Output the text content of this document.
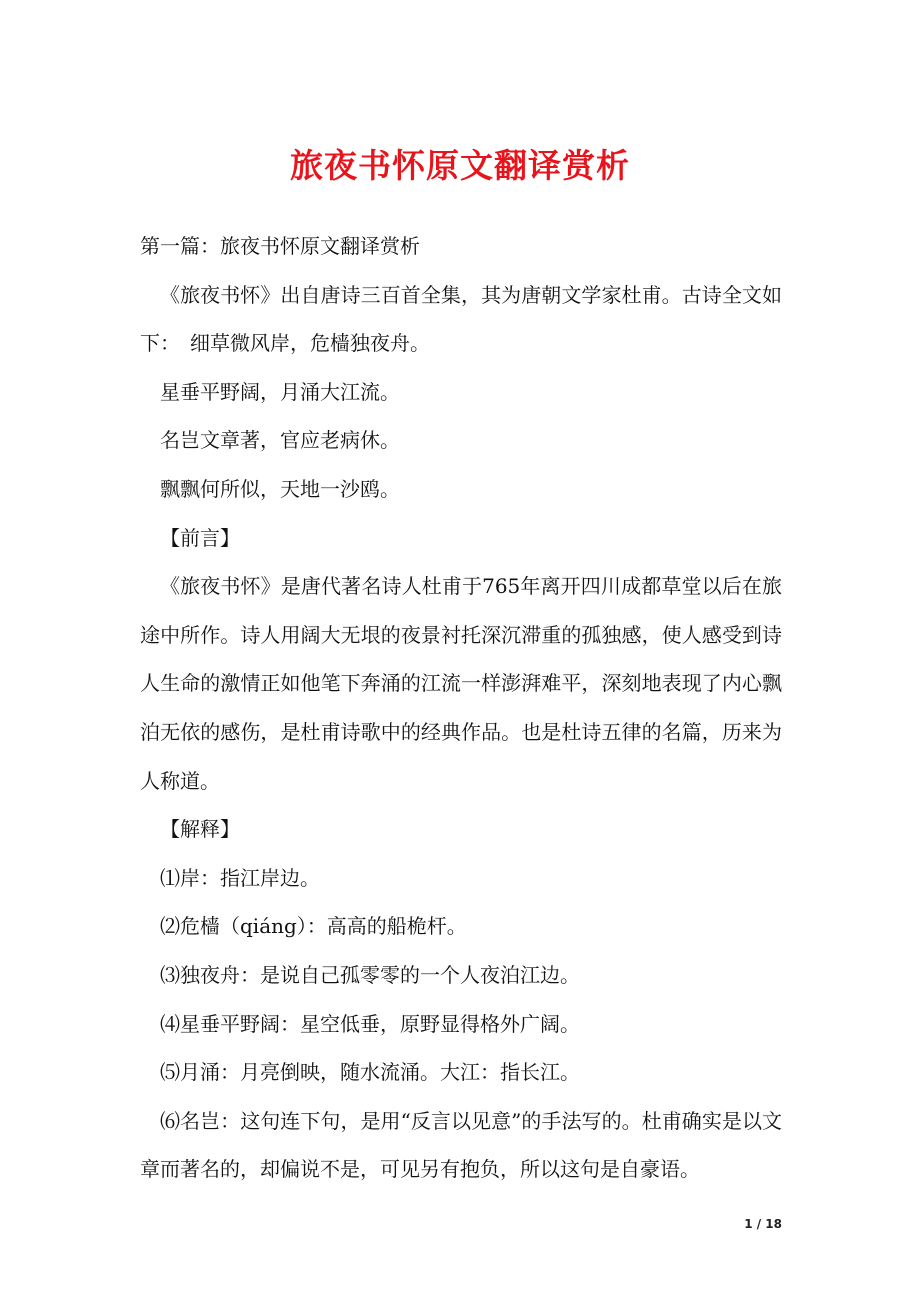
旅夜书怀原文翻译赏析

第一篇：旅夜书怀原文翻译赏析

《旅夜书怀》出自唐诗三百首全集，其为唐朝文学家杜甫。古诗全文如下：　细草微风岸，危樯独夜舟。

星垂平野阔，月涌大江流。

名岂文章著，官应老病休。

飘飘何所似，天地一沙鸥。

【前言】

《旅夜书怀》是唐代著名诗人杜甫于765年离开四川成都草堂以后在旅途中所作。诗人用阔大无垠的夜景衬托深沉滞重的孤独感，使人感受到诗人生命的激情正如他笔下奔涌的江流一样澎湃难平，深刻地表现了内心飘泊无依的感伤，是杜甫诗歌中的经典作品。也是杜诗五律的名篇，历来为人称道。

【解释】

⑴岸：指江岸边。

⑵危樯（qiáng）：高高的船桅杆。

⑶独夜舟：是说自己孤零零的一个人夜泊江边。

⑷星垂平野阔：星空低垂，原野显得格外广阔。

⑸月涌：月亮倒映，随水流涌。大江：指长江。

⑹名岂：这句连下句，是用“反言以见意”的手法写的。杜甫确实是以文章而著名的，却偏说不是，可见另有抱负，所以这句是自豪语。

1 / 18
